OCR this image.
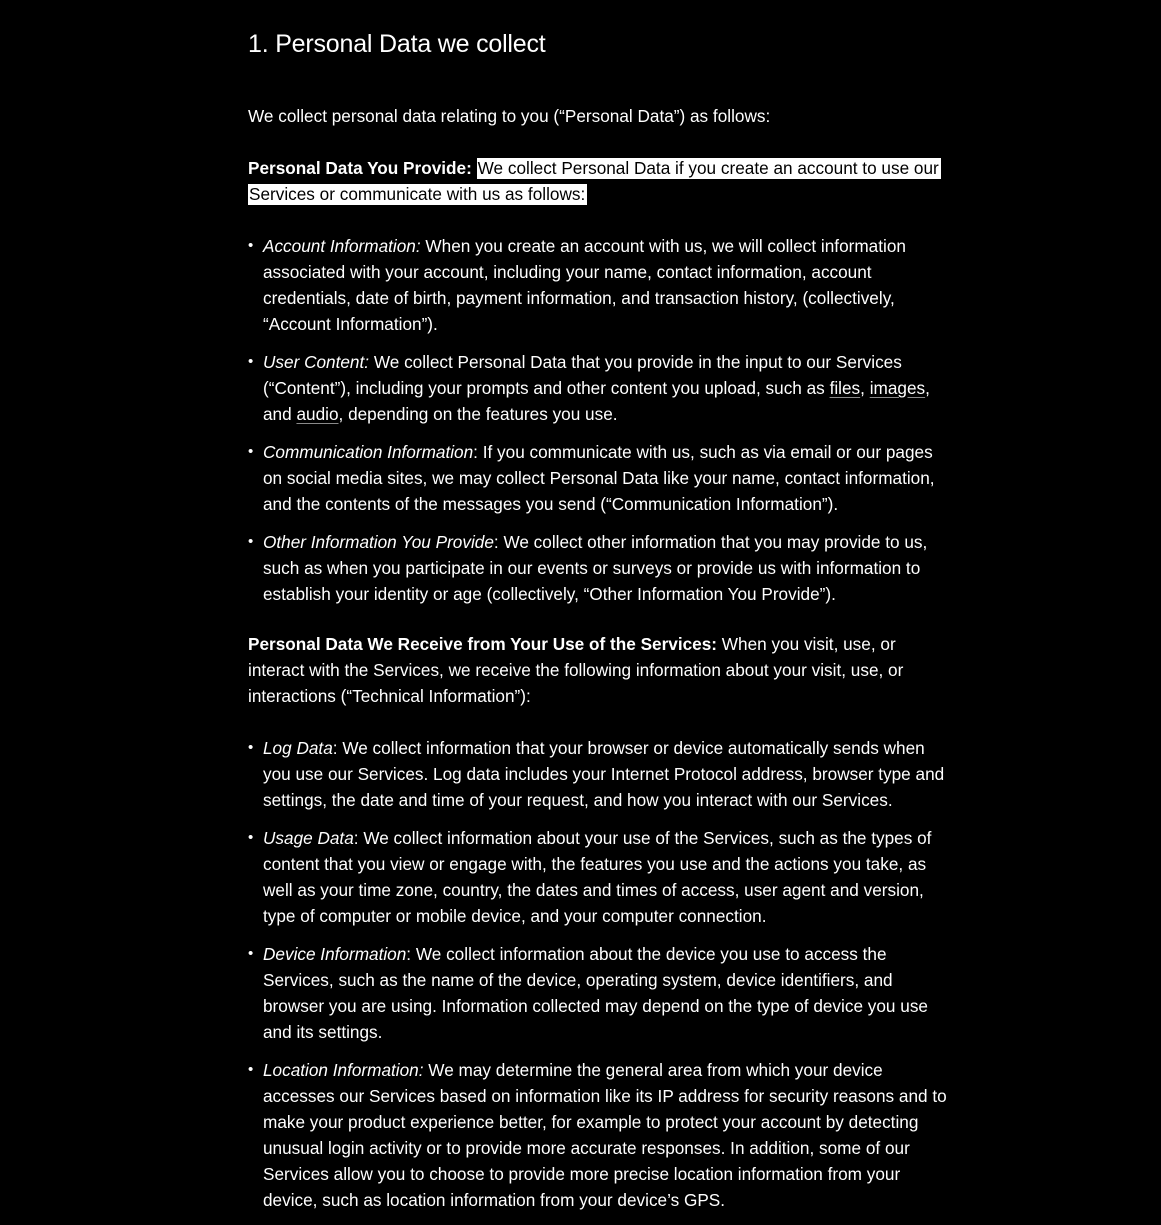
1. Personal Data we collect

We collect personal data relating to you (“Personal Data”) as follows:

Personal Data You Provide: We collect Personal Data if you create an account to use our Services or communicate with us as follows:

• Account Information: When you create an account with us, we will collect information associated with your account, including your name, contact information, account credentials, date of birth, payment information, and transaction history, (collectively, “Account Information”).
• User Content: We collect Personal Data that you provide in the input to our Services (“Content”), including your prompts and other content you upload, such as files, images, and audio, depending on the features you use.
• Communication Information: If you communicate with us, such as via email or our pages on social media sites, we may collect Personal Data like your name, contact information, and the contents of the messages you send (“Communication Information”).
• Other Information You Provide: We collect other information that you may provide to us, such as when you participate in our events or surveys or provide us with information to establish your identity or age (collectively, “Other Information You Provide”).

Personal Data We Receive from Your Use of the Services: When you visit, use, or interact with the Services, we receive the following information about your visit, use, or interactions (“Technical Information”):

• Log Data: We collect information that your browser or device automatically sends when you use our Services. Log data includes your Internet Protocol address, browser type and settings, the date and time of your request, and how you interact with our Services.
• Usage Data: We collect information about your use of the Services, such as the types of content that you view or engage with, the features you use and the actions you take, as well as your time zone, country, the dates and times of access, user agent and version, type of computer or mobile device, and your computer connection.
• Device Information: We collect information about the device you use to access the Services, such as the name of the device, operating system, device identifiers, and browser you are using. Information collected may depend on the type of device you use and its settings.
• Location Information: We may determine the general area from which your device accesses our Services based on information like its IP address for security reasons and to make your product experience better, for example to protect your account by detecting unusual login activity or to provide more accurate responses. In addition, some of our Services allow you to choose to provide more precise location information from your device, such as location information from your device’s GPS.
